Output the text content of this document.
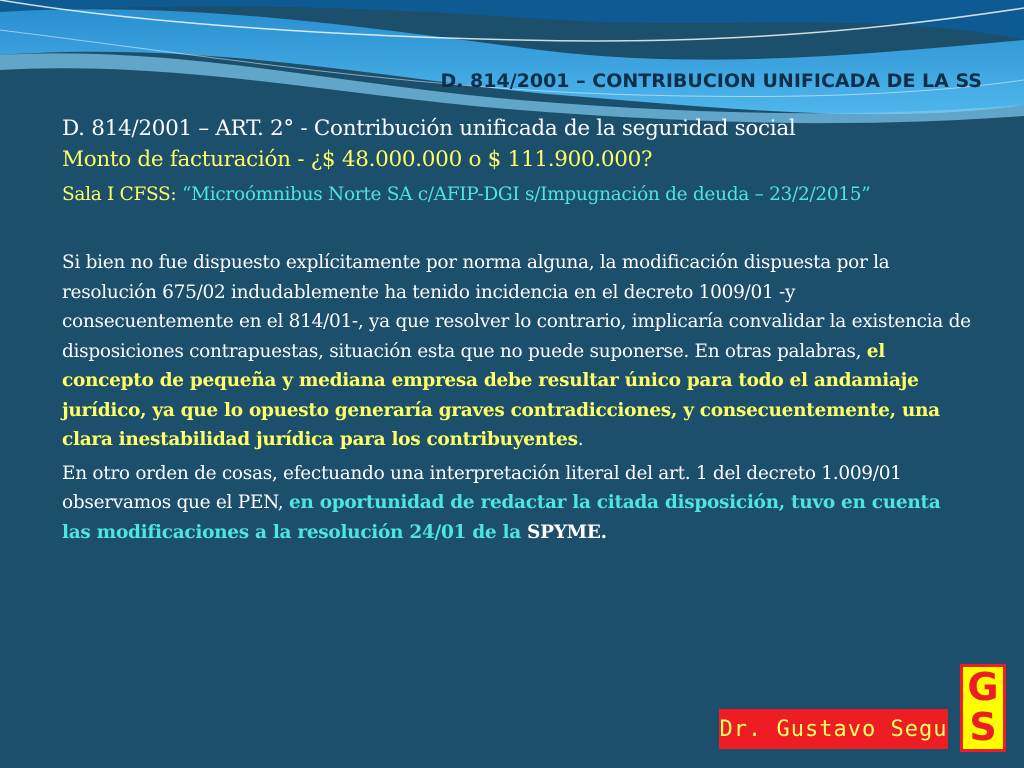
D. 814/2001 – CONTRIBUCION UNIFICADA DE LA SS

D. 814/2001 – ART. 2° - Contribución unificada de la seguridad social

Monto de facturación - ¿$ 48.000.000 o $ 111.900.000?

Sala I CFSS: “Microómnibus Norte SA c/AFIP-DGI s/Impugnación de deuda – 23/2/2015”

Si bien no fue dispuesto explícitamente por norma alguna, la modificación dispuesta por la resolución 675/02 indudablemente ha tenido incidencia en el decreto 1009/01 -y consecuentemente en el 814/01-, ya que resolver lo contrario, implicaría convalidar la existencia de disposiciones contrapuestas, situación esta que no puede suponerse. En otras palabras, el concepto de pequeña y mediana empresa debe resultar único para todo el andamiaje jurídico, ya que lo opuesto generaría graves contradicciones, y consecuentemente, una clara inestabilidad jurídica para los contribuyentes.

En otro orden de cosas, efectuando una interpretación literal del art. 1 del decreto 1.009/01 observamos que el PEN, en oportunidad de redactar la citada disposición, tuvo en cuenta las modificaciones a la resolución 24/01 de la SPYME.

Dr. Gustavo Segu
G
S
